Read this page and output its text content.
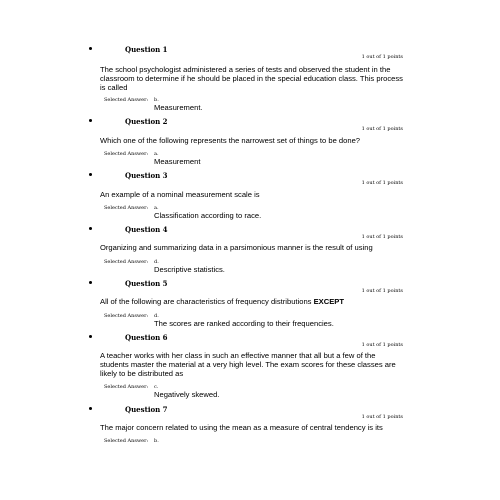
Question 1
1 out of 1 points
The school psychologist administered a series of tests and observed the student in the classroom to determine if he should be placed in the special education class. This process is called
Selected Answer: b.
Measurement.
Question 2
1 out of 1 points
Which one of the following represents the narrowest set of things to be done?
Selected Answer: a.
Measurement
Question 3
1 out of 1 points
An example of a nominal measurement scale is
Selected Answer: a.
Classification according to race.
Question 4
1 out of 1 points
Organizing and summarizing data in a parsimonious manner is the result of using
Selected Answer: d.
Descriptive statistics.
Question 5
1 out of 1 points
All of the following are characteristics of frequency distributions EXCEPT
Selected Answer: d.
The scores are ranked according to their frequencies.
Question 6
1 out of 1 points
A teacher works with her class in such an effective manner that all but a few of the students master the material at a very high level. The exam scores for these classes are likely to be distributed as
Selected Answer: c.
Negatively skewed.
Question 7
1 out of 1 points
The major concern related to using the mean as a measure of central tendency is its
Selected Answer: b.
